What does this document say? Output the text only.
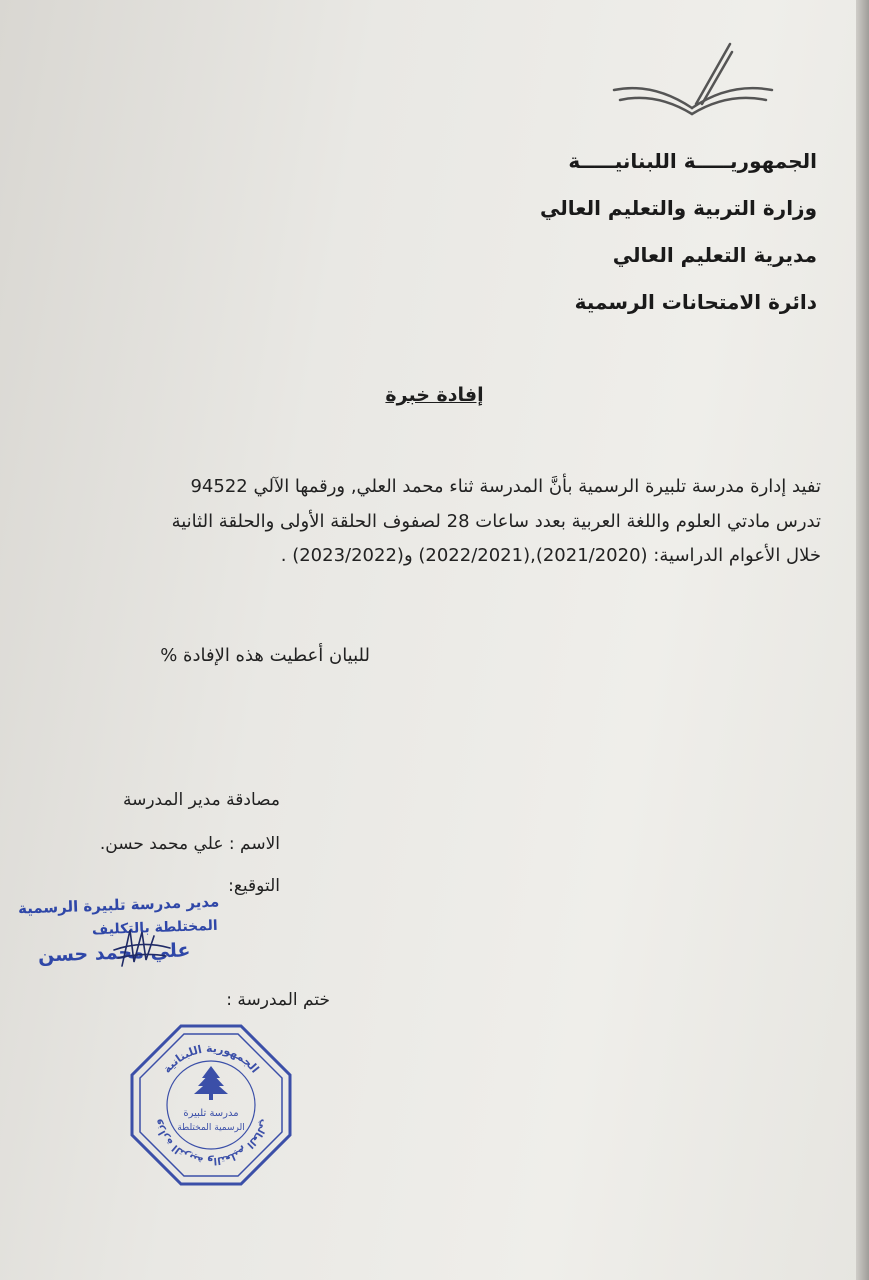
الجمهوريـــــة اللبنانيـــــة
وزارة التربية والتعليم العالي
مديرية التعليم العالي
دائرة الامتحانات الرسمية
إفادة خبرة
تفيد إدارة مدرسة تلبيرة الرسمية بأنَّ المدرسة ثناء محمد العلي, ورقمها الآلي 94522
تدرس مادتي العلوم واللغة العربية بعدد ساعات 28 لصفوف الحلقة الأولى والحلقة الثانية
خلال الأعوام الدراسية: (2021/2020),(2022/2021) و(2023/2022) .
للبيان أعطيت هذه الإفادة %
مصادقة مدير المدرسة
الاسم : علي محمد حسن.
التوقيع:
مدير مدرسة تلبيرة الرسمية
المختلطة بالتكليف
علي محمد حسن
ختم المدرسة :
الجمهورية اللبنانية
وزارة التربية والتعليم العالي
مدرسة تلبيرة
الرسمية المختلطة
